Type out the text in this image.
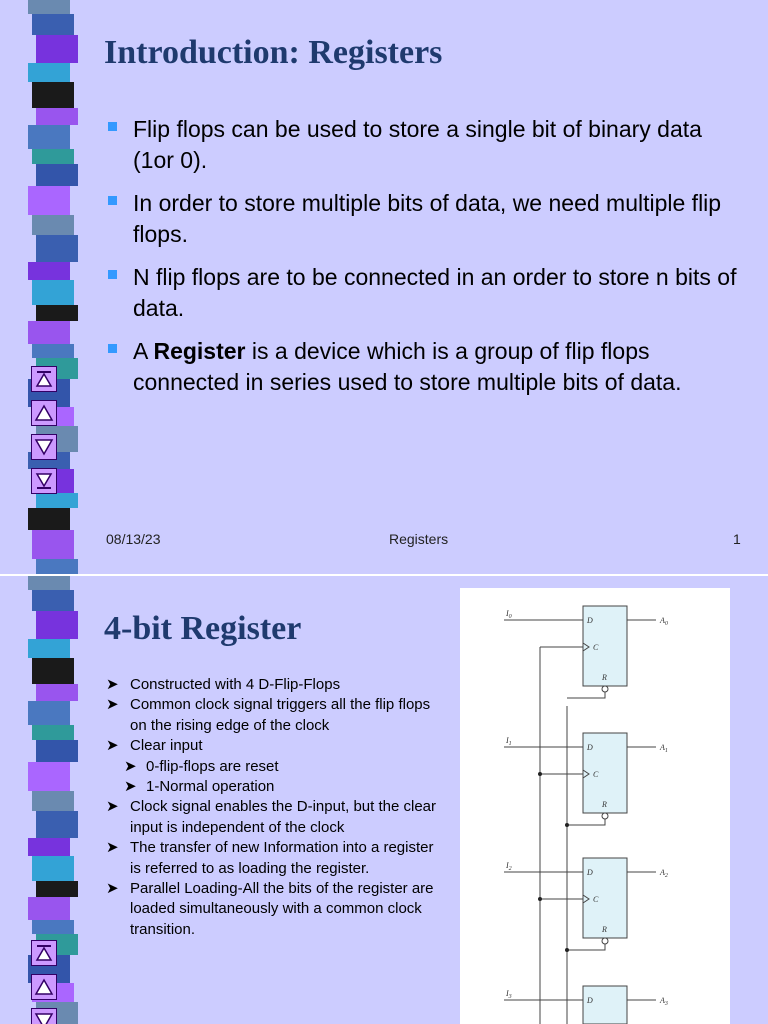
Introduction: Registers
Flip flops can be used to store a single bit of binary data (1or 0).
In order to store multiple bits of data, we need multiple flip flops.
N flip flops are to be connected in an order to store n bits of data.
A Register is a device which is a group of flip flops connected in series used to store multiple bits of data.
08/13/23	Registers	1
4-bit Register
➤ Constructed with 4 D-Flip-Flops
➤ Common clock signal triggers all the flip flops on the rising edge of the clock
➤ Clear input
➤ 0-flip-flops are reset
➤ 1-Normal operation
➤ Clock signal enables the D-input, but the clear input is independent of the clock
➤ The transfer of new Information into a register is referred to as loading the register.
➤ Parallel Loading-All the bits of the register are loaded simultaneously with a common clock transition.
$I_0$	D	$A_0$
C
R
$I_1$	D	$A_1$
C
R
$I_2$	D	$A_2$
C
R
$I_3$	D	$A_3$
